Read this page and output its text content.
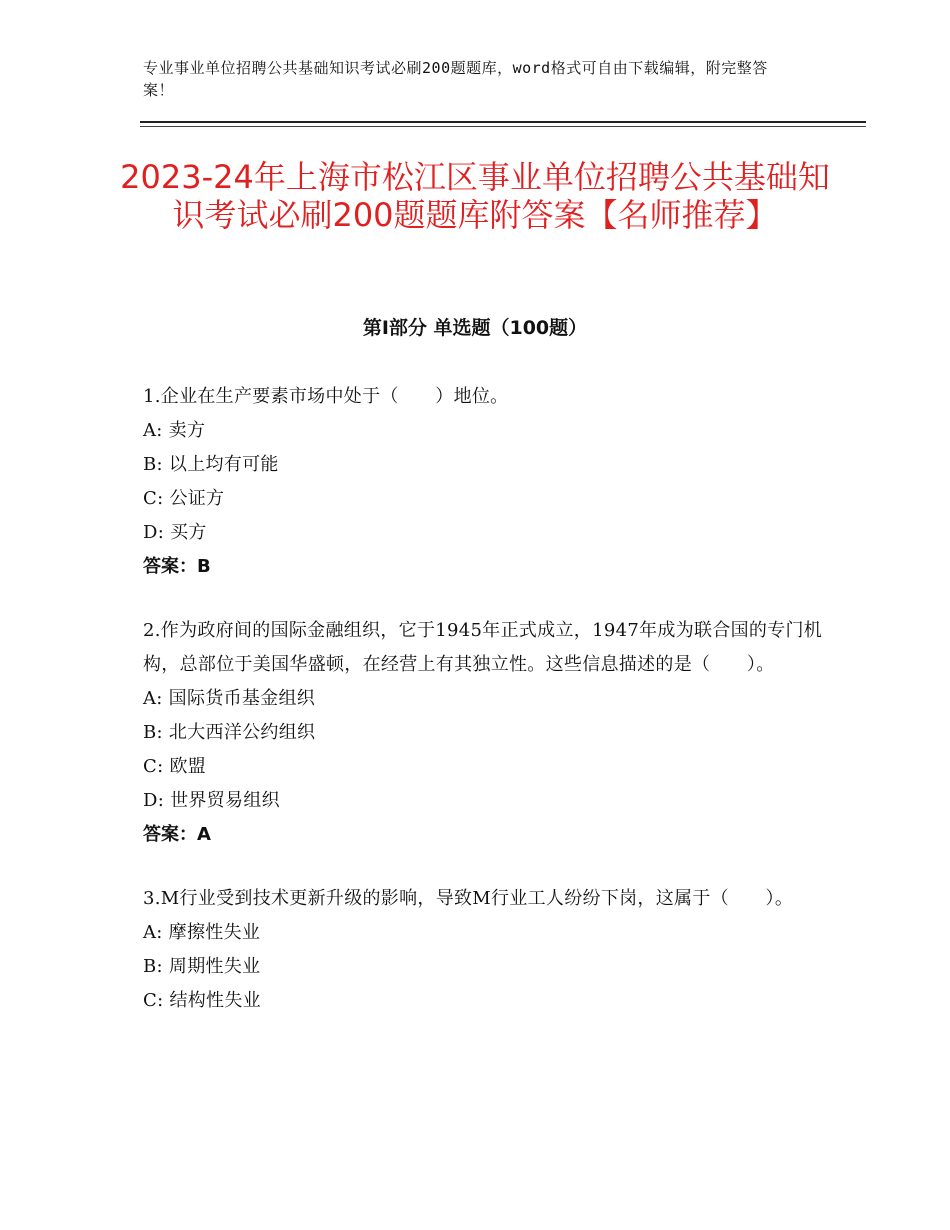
专业事业单位招聘公共基础知识考试必刷200题题库，word格式可自由下载编辑，附完整答案！
2023-24年上海市松江区事业单位招聘公共基础知识考试必刷200题题库附答案【名师推荐】
第Ⅰ部分 单选题（100题）
1.企业在生产要素市场中处于（　　）地位。
A: 卖方
B: 以上均有可能
C: 公证方
D: 买方
答案：B
2.作为政府间的国际金融组织，它于1945年正式成立，1947年成为联合国的专门机构，总部位于美国华盛顿，在经营上有其独立性。这些信息描述的是（　　）。
A: 国际货币基金组织
B: 北大西洋公约组织
C: 欧盟
D: 世界贸易组织
答案：A
3.M行业受到技术更新升级的影响，导致M行业工人纷纷下岗，这属于（　　）。
A: 摩擦性失业
B: 周期性失业
C: 结构性失业
